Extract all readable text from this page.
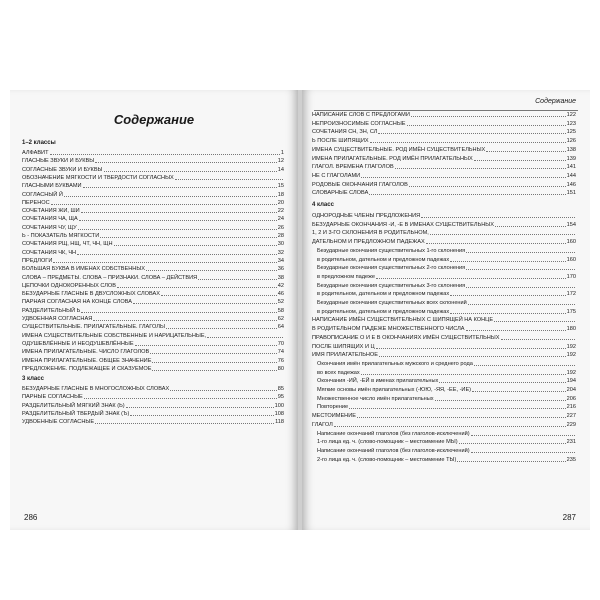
Содержание
1–2 классы
АЛФАВИТ	1
ГЛАСНЫЕ ЗВУКИ И БУКВЫ	12
СОГЛАСНЫЕ ЗВУКИ И БУКВЫ	14
ОБОЗНАЧЕНИЕ МЯГКОСТИ И ТВЕРДОСТИ СОГЛАСНЫХ
ГЛАСНЫМИ БУКВАМИ	15
СОГЛАСНЫЙ Й	18
ПЕРЕНОС	20
СОЧЕТАНИЯ ЖИ, ШИ	22
СОЧЕТАНИЯ ЧА, ЩА	24
СОЧЕТАНИЯ ЧУ, ЩУ	26
Ь - ПОКАЗАТЕЛЬ МЯГКОСТИ	28
СОЧЕТАНИЯ РЩ, НЩ, ЧТ, ЧН, ЩН	30
СОЧЕТАНИЯ ЧК, ЧН	32
ПРЕДЛОГИ	34
БОЛЬШАЯ БУКВА В ИМЕНАХ СОБСТВЕННЫХ	36
СЛОВА – ПРЕДМЕТЫ. СЛОВА – ПРИЗНАКИ. СЛОВА – ДЕЙСТВИЯ	38
ЦЕПОЧКИ ОДНОКОРЕННЫХ СЛОВ	42
БЕЗУДАРНЫЕ ГЛАСНЫЕ В ДВУСЛОЖНЫХ СЛОВАХ	46
ПАРНАЯ СОГЛАСНАЯ НА КОНЦЕ СЛОВА	52
РАЗДЕЛИТЕЛЬНЫЙ Ь	58
УДВОЕННАЯ СОГЛАСНАЯ	62
СУЩЕСТВИТЕЛЬНЫЕ. ПРИЛАГАТЕЛЬНЫЕ. ГЛАГОЛЫ	64
ИМЕНА СУЩЕСТВИТЕЛЬНЫЕ СОБСТВЕННЫЕ И НАРИЦАТЕЛЬНЫЕ,
ОДУШЕВЛЁННЫЕ И НЕОДУШЕВЛЁННЫЕ	70
ИМЕНА ПРИЛАГАТЕЛЬНЫЕ. ЧИСЛО ГЛАГОЛОВ	74
ИМЕНА ПРИЛАГАТЕЛЬНЫЕ. ОБЩЕЕ ЗНАЧЕНИЕ	76
ПРЕДЛОЖЕНИЕ. ПОДЛЕЖАЩЕЕ И СКАЗУЕМОЕ	80
3 класс
БЕЗУДАРНЫЕ ГЛАСНЫЕ В МНОГОСЛОЖНЫХ СЛОВАХ	85
ПАРНЫЕ СОГЛАСНЫЕ	95
РАЗДЕЛИТЕЛЬНЫЙ МЯГКИЙ ЗНАК (Ь)	100
РАЗДЕЛИТЕЛЬНЫЙ ТВЕРДЫЙ ЗНАК (Ъ)	108
УДВОЕННЫЕ СОГЛАСНЫЕ	118
286
Содержание
НАПИСАНИЕ СЛОВ С ПРЕДЛОГАМИ	122
НЕПРОИЗНОСИМЫЕ СОГЛАСНЫЕ	123
СОЧЕТАНИЯ СН, ЗН, СЛ	125
Ь ПОСЛЕ ШИПЯЩИХ	126
ИМЕНА СУЩЕСТВИТЕЛЬНЫЕ. РОД ИМЁН СУЩЕСТВИТЕЛЬНЫХ	138
ИМЕНА ПРИЛАГАТЕЛЬНЫЕ. РОД ИМЁН ПРИЛАГАТЕЛЬНЫХ	139
ГЛАГОЛ. ВРЕМЕНА ГЛАГОЛОВ	141
НЕ С ГЛАГОЛАМИ	144
РОДОВЫЕ ОКОНЧАНИЯ ГЛАГОЛОВ	146
СЛОВАРНЫЕ СЛОВА	151
4 класс
ОДНОРОДНЫЕ ЧЛЕНЫ ПРЕДЛОЖЕНИЯ
БЕЗУДАРНЫЕ ОКОНЧАНИЯ -И, -Е В ИМЕНАХ СУЩЕСТВИТЕЛЬНЫХ	154
1, 2 И 3-ГО СКЛОНЕНИЯ В РОДИТЕЛЬНОМ,
ДАТЕЛЬНОМ И ПРЕДЛОЖНОМ ПАДЕЖАХ	160
Безударные окончания существительных 1-го склонения
в родительном, дательном и предложном падежах	160
Безударные окончания существительных 2-го склонения
в предложном падеже	170
Безударные окончания существительных 3-го склонения
в родительном, дательном и предложном падежах	172
Безударные окончания существительных всех склонений
в родительном, дательном и предложном падежах	175
НАПИСАНИЕ ИМЁН СУЩЕСТВИТЕЛЬНЫХ С ШИПЯЩЕЙ НА КОНЦЕ
В РОДИТЕЛЬНОМ ПАДЕЖЕ МНОЖЕСТВЕННОГО ЧИСЛА	180
ПРАВОПИСАНИЕ О И Е В ОКОНЧАНИЯХ ИМЁН СУЩЕСТВИТЕЛЬНЫХ
ПОСЛЕ ШИПЯЩИХ И Ц	192
ИМЯ ПРИЛАГАТЕЛЬНОЕ	192
Окончания имён прилагательных мужского и среднего рода
во всех падежах	192
Окончания -ИЙ, -ЕЙ в именах прилагательных	194
Мягкие основы имён прилагательных (-ЮЮ, -ЯЯ, -ЕЕ, -ИЕ)	204
Множественное число имён прилагательных	206
Повторение	216
МЕСТОИМЕНИЕ	227
ГЛАГОЛ	229
Написание окончаний глаголов (без глаголов-исключений)
1-го лица ед. ч. (слово-помощник – местоимение МЫ)	231
Написание окончаний глаголов (без глаголов-исключений)
2-го лица ед. ч. (слово-помощник – местоимение ТЫ)	235
287
